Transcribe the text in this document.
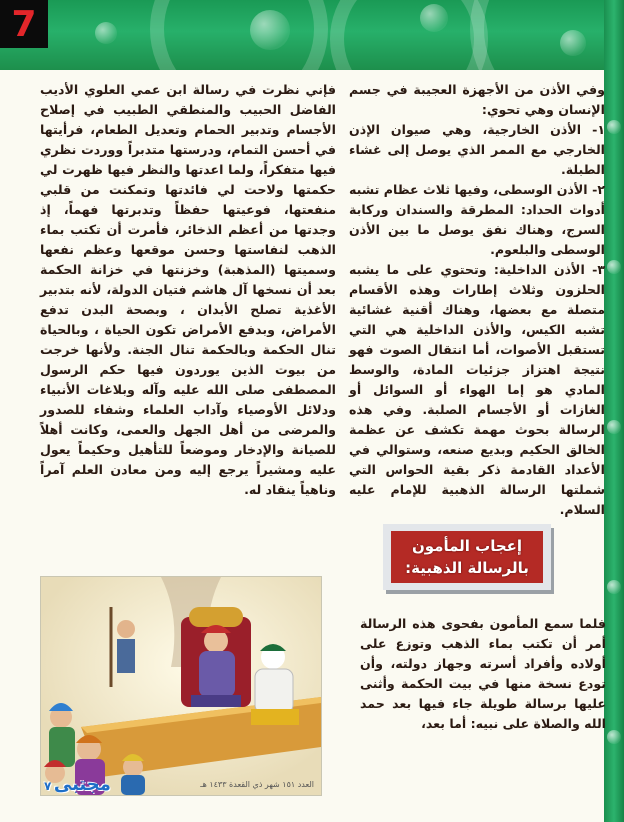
7

وفي الأذن من الأجهزة العجيبة في جسم الإنسان وهي تحوي:

١- الأذن الخارجية، وهي صيوان الإذن الخارجي مع الممر الذي يوصل إلى غشاء الطبلة.

٢- الأذن الوسطى، وفيها ثلاث عظام تشبه أدوات الحداد: المطرقة والسندان وركابة السرج، وهناك نفق يوصل ما بين الأذن الوسطى والبلعوم.

٣- الأذن الداخلية: وتحتوي على ما يشبه الحلزون وثلاث إطارات وهذه الأقسام متصلة مع بعضها، وهناك أقنية غشائية تشبه الكيس، والأذن الداخلية هي التي تستقبل الأصوات، أما انتقال الصوت فهو نتيجة اهتزاز جزئيات المادة، والوسط المادي هو إما الهواء أو السوائل أو الغازات أو الأجسام الصلبة. وفي هذه الرسالة بحوث مهمة تكشف عن عظمة الخالق الحكيم وبديع صنعه، وستوالي في الأعداد القادمة ذكر بقية الحواس التي شملتها الرسالة الذهبية للإمام عليه السلام.

فإني نظرت في رسالة ابن عمي العلوي الأديب الفاضل الحبيب والمنطقي الطبيب في إصلاح الأجسام وتدبير الحمام وتعديل الطعام، فرأيتها في أحسن التمام، ودرستها متدبراً ووردت نظري فيها متفكراً، ولما اعدتها والنظر فيها ظهرت لي حكمتها ولاحت لي فائدتها وتمكنت من قلبي منفعتها، فوعيتها حفظاً وتدبرتها فهماً، إذ وجدتها من أعظم الذخائر، فأمرت أن تكتب بماء الذهب لنفاستها وحسن موقعها وعظم نفعها وسميتها (المذهبة) وخزنتها في خزانة الحكمة بعد أن نسخها آل هاشم فتيان الدولة، لأنه بتدبير الأغذية تصلح الأبدان ، وبصحة البدن تدفع الأمراض، وبدفع الأمراض تكون الحياة ، وبالحياة تنال الحكمة وبالحكمة تنال الجنة. ولأنها خرجت من بيوت الذين يوردون فيها حكم الرسول المصطفى صلى الله عليه وآله وبلاغات الأنبياء ودلائل الأوصياء وآداب العلماء وشفاء للصدور والمرضى من أهل الجهل والعمى، وكانت أهلاً للصيانة والإدخار وموضعاً للتأهيل وحكيماً يعول عليه ومشيراً يرجع إليه ومن معادن العلم آمراً وناهياً ينقاد له.

إعجاب المأمون
بالرسالة الذهبية:

فلما سمع المأمون بفحوى هذه الرسالة أمر أن تكتب بماء الذهب وتوزع على أولاده وأفراد أسرته وجهاز دولته، وأن تودع نسخة منها في بيت الحكمة وأثنى عليها برسالة طويلة جاء فيها بعد حمد الله والصلاة على نبيه: أما بعد،

العدد ١٥١ شهر ذي القعدة ١٤٣٣ هـ
مجتبى ٧
